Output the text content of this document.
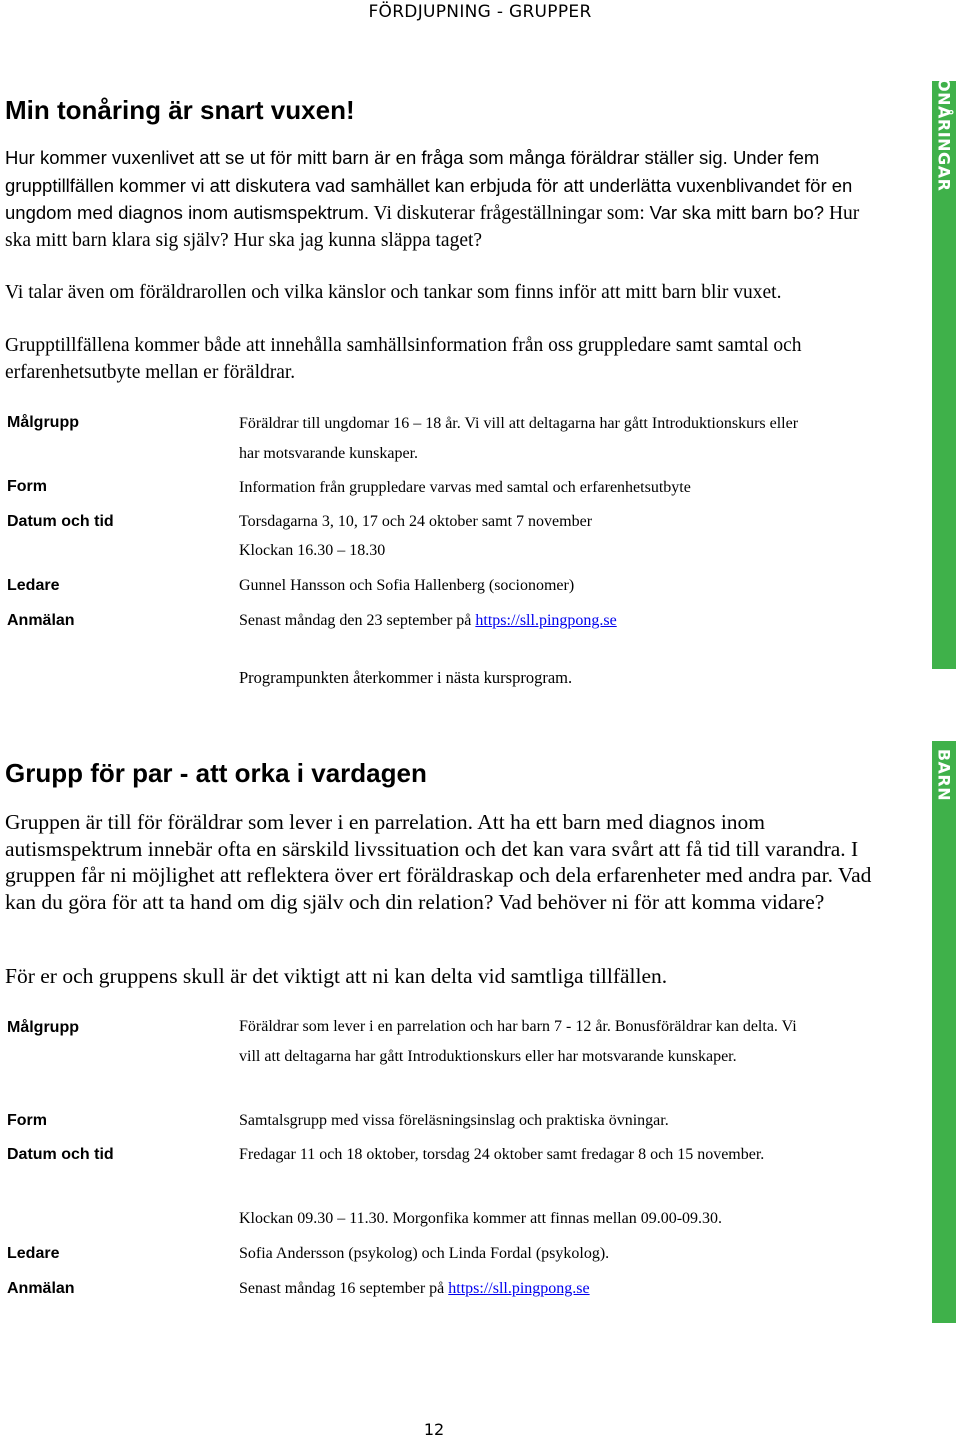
FÖRDJUPNING - GRUPPER
TONÅRINGAR
BARN
Min tonåring är snart vuxen!

Hur kommer vuxenlivet att se ut för mitt barn är en fråga som många föräldrar ställer sig. Under fem grupptillfällen kommer vi att diskutera vad samhället kan erbjuda för att underlätta vuxenblivandet för en ungdom med diagnos inom autismspektrum. Vi diskuterar frågeställningar som: Var ska mitt barn bo? Hur ska mitt barn klara sig själv? Hur ska jag kunna släppa taget?

Vi talar även om föräldrarollen och vilka känslor och tankar som finns inför att mitt barn blir vuxet.

Grupptillfällena kommer både att innehålla samhällsinformation från oss gruppledare samt samtal och erfarenhetsutbyte mellan er föräldrar.

Målgrupp	Föräldrar till ungdomar 16 – 18 år. Vi vill att deltagarna har gått Introduktionskurs eller har motsvarande kunskaper.

Form	Information från gruppledare varvas med samtal och erfarenhetsutbyte

Datum och tid	Torsdagarna 3, 10, 17 och 24 oktober samt 7 november

Klockan 16.30 – 18.30

Ledare	Gunnel Hansson och Sofia Hallenberg (socionomer)

Anmälan	Senast måndag den 23 september på https://sll.pingpong.se

Programpunkten återkommer i nästa kursprogram.

Grupp för par - att orka i vardagen

Gruppen är till för föräldrar som lever i en parrelation. Att ha ett barn med diagnos inom autismspektrum innebär ofta en särskild livssituation och det kan vara svårt att få tid till varandra. I gruppen får ni möjlighet att reflektera över ert föräldraskap och dela erfarenheter med andra par. Vad kan du göra för att ta hand om dig själv och din relation? Vad behöver ni för att komma vidare?

För er och gruppens skull är det viktigt att ni kan delta vid samtliga tillfällen.

Målgrupp	Föräldrar som lever i en parrelation och har barn 7 - 12 år. Bonusföräldrar kan delta. Vi vill att deltagarna har gått Introduktionskurs eller har motsvarande kunskaper.

Form	Samtalsgrupp med vissa föreläsningsinslag och praktiska övningar.

Datum och tid	Fredagar 11 och 18 oktober, torsdag 24 oktober samt fredagar 8 och 15 november.

Klockan 09.30 – 11.30. Morgonfika kommer att finnas mellan 09.00-09.30.

Ledare	Sofia Andersson (psykolog) och Linda Fordal (psykolog).

Anmälan	Senast måndag 16 september på https://sll.pingpong.se

12
